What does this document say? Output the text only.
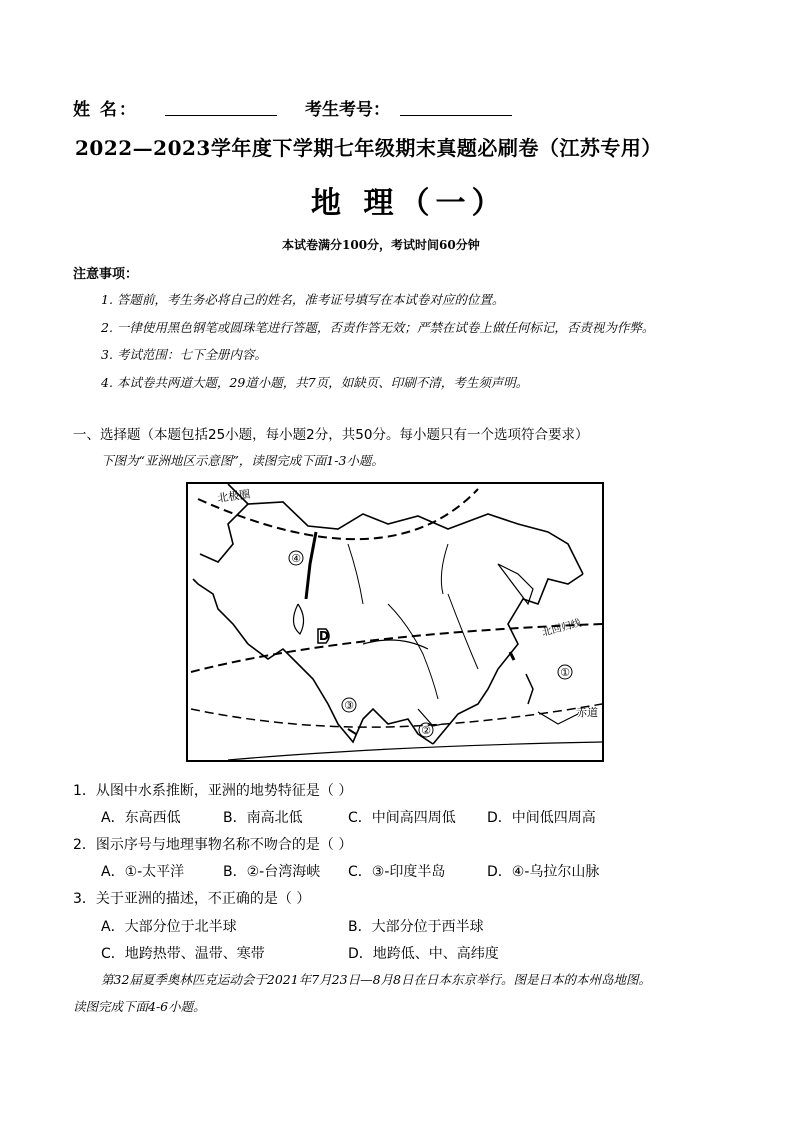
姓 名：	考生考号：
2022—2023学年度下学期七年级期末真题必刷卷（江苏专用）
地 理（一）
本试卷满分100分，考试时间60分钟
注意事项：
1. 答题前，考生务必将自己的姓名，准考证号填写在本试卷对应的位置。
2. 一律使用黑色钢笔或圆珠笔进行答题，否责作答无效；严禁在试卷上做任何标记，否责视为作弊。
3. 考试范围：七下全册内容。
4. 本试卷共两道大题，29道小题，共7页，如缺页、印刷不清，考生须声明。
一、选择题（本题包括25小题，每小题2分，共50分。每小题只有一个选项符合要求）
下图为“亚洲地区示意图”，读图完成下面1-3小题。
北极圈
北回归线
赤道
④
①
③
②
D
1．从图中水系推断，亚洲的地势特征是（ ）
A．东高西低	B．南高北低	C．中间高四周低 D．中间低四周高
2．图示序号与地理事物名称不吻合的是（ ）
A．①-太平洋	B．②-台湾海峡 C．③-印度半岛	D．④-乌拉尔山脉
3．关于亚洲的描述，不正确的是（ ）
A．大部分位于北半球	B．大部分位于西半球
C．地跨热带、温带、寒带	D．地跨低、中、高纬度
第32届夏季奥林匹克运动会于2021年7月23日—8月8日在日本东京举行。图是日本的本州岛地图。
读图完成下面4-6小题。
